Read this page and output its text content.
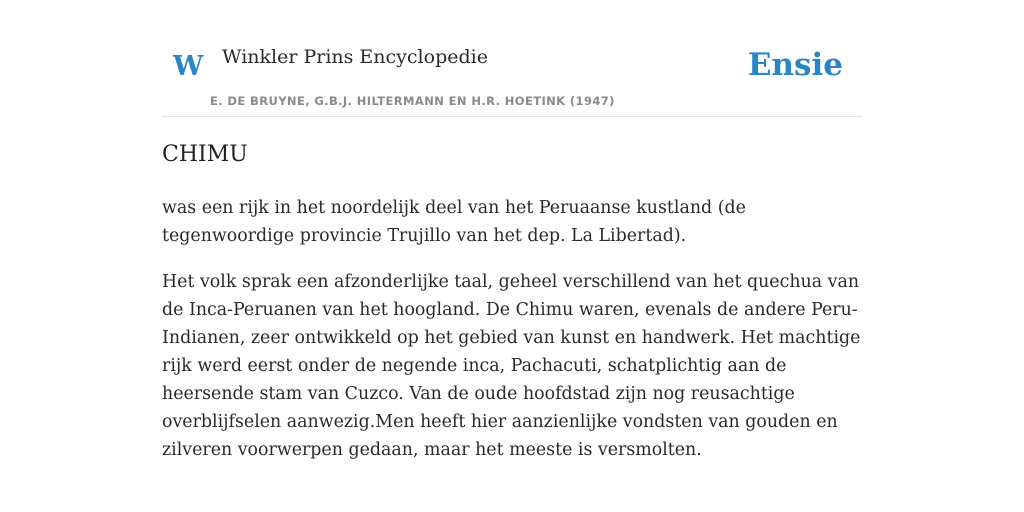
W Winkler Prins Encyclopedie
E. DE BRUYNE, G.B.J. HILTERMANN EN H.R. HOETINK (1947)
Ensie
CHIMU

was een rijk in het noordelijk deel van het Peruaanse kustland (de tegenwoordige provincie Trujillo van het dep. La Libertad).

Het volk sprak een afzonderlijke taal, geheel verschillend van het quechua van de Inca-Peruanen van het hoogland. De Chimu waren, evenals de andere Peru-Indianen, zeer ontwikkeld op het gebied van kunst en handwerk. Het machtige rijk werd eerst onder de negende inca, Pachacuti, schatplichtig aan de heersende stam van Cuzco. Van de oude hoofdstad zijn nog reusachtige overblijfselen aanwezig.Men heeft hier aanzienlijke vondsten van gouden en zilveren voorwerpen gedaan, maar het meeste is versmolten.
